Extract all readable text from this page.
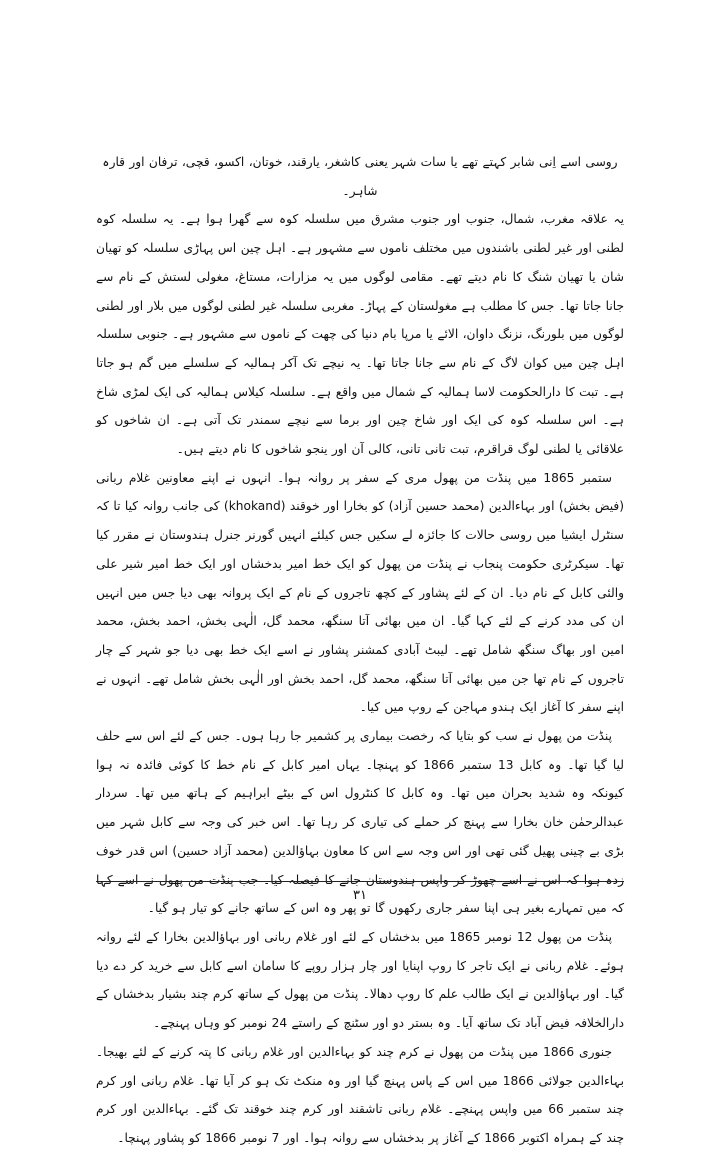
روسی اسے اِنی شابر کہتے تھے یا سات شہر یعنی کاشغر، یارقند، خوتان، اکسو، قچی، ترفان اور قارہ شاہر۔

یہ علاقہ مغرب، شمال، جنوب اور جنوب مشرق میں سلسلہ کوہ سے گھرا ہوا ہے۔ یہ سلسلہ کوہ لطنی اور غیر لطنی باشندوں میں مختلف ناموں سے مشہور ہے۔ اہل چین اس پہاڑی سلسلہ کو تھیان شان یا تھیان شنگ کا نام دیتے تھے۔ مقامی لوگوں میں یہ مزارات، مستاغ، مغولی لستش کے نام سے جانا جاتا تھا۔ جس کا مطلب ہے مغولستان کے پہاڑ۔ مغربی سلسلہ غیر لطنی لوگوں میں بلار اور لطنی لوگوں میں بلورنگ، نزنگ داوان، الائے یا مرپا بام دنیا کی چھت کے ناموں سے مشہور ہے۔ جنوبی سلسلہ اہل چین میں کوان لاگ کے نام سے جانا جاتا تھا۔ یہ نیچے تک آکر ہمالیہ کے سلسلے میں گم ہو جاتا ہے۔ تبت کا دارالحکومت لاسا ہمالیہ کے شمال میں واقع ہے۔ سلسلہ کیلاس ہمالیہ کی ایک لمڑی شاخ ہے۔ اس سلسلہ کوہ کی ایک اور شاخ چین اور برما سے نیچے سمندر تک آتی ہے۔ ان شاخوں کو علاقائی یا لطنی لوگ قراقرم، تبت تانی تانی، کالی آن اور ینجو شاخوں کا نام دیتے ہیں۔

ستمبر 1865 میں پنڈت من پھول مری کے سفر پر روانہ ہوا۔ انہوں نے اپنے معاونین غلام ربانی (فیض بخش) اور بہاءالدین (محمد حسین آزاد) کو بخارا اور خوقند (khokand) کی جانب روانہ کیا تا کہ سنٹرل ایشیا میں روسی حالات کا جائزہ لے سکیں جس کیلئے انہیں گورنر جنرل ہندوستان نے مقرر کیا تھا۔ سیکرٹری حکومت پنجاب نے پنڈت من پھول کو ایک خط امیر بدخشاں اور ایک خط امیر شیر علی والئی کابل کے نام دیا۔ ان کے لئے پشاور کے کچھ تاجروں کے نام کے ایک پروانہ بھی دیا جس میں انہیں ان کی مدد کرنے کے لئے کہا گیا۔ ان میں بھائی آتا سنگھ، محمد گل، الٰہی بخش، احمد بخش، محمد امین اور بھاگ سنگھ شامل تھے۔ لیبٹ آبادی کمشنر پشاور نے اسے ایک خط بھی دیا جو شہر کے چار تاجروں کے نام تھا جن میں بھائی آتا سنگھ، محمد گل، احمد بخش اور الٰہی بخش شامل تھے۔ انہوں نے اپنے سفر کا آغاز ایک ہندو مہاجن کے روپ میں کیا۔

پنڈت من پھول نے سب کو بتایا کہ رخصت بیماری پر کشمیر جا رہا ہوں۔ جس کے لئے اس سے حلف لیا گیا تھا۔ وہ کابل 13 ستمبر 1866 کو پہنچا۔ یہاں امیر کابل کے نام خط کا کوئی فائدہ نہ ہوا کیونکہ وہ شدید بحران میں تھا۔ وہ کابل کا کنٹرول اس کے بیٹے ابراہیم کے ہاتھ میں تھا۔ سردار عبدالرحمٰن خان بخارا سے پہنچ کر حملے کی تیاری کر رہا تھا۔ اس خبر کی وجہ سے کابل شہر میں بڑی بے چینی پھیل گئی تھی اور اس وجہ سے اس کا معاون بہاؤالدین (محمد آزاد حسین) اس قدر خوف زدہ ہوا کہ اس نے اسے چھوڑ کر واپس ہندوستان جانے کا فیصلہ کیا۔ جب پنڈت من پھول نے اسے کہا کہ میں تمہارے بغیر ہی اپنا سفر جاری رکھوں گا تو پھر وہ اس کے ساتھ جانے کو تیار ہو گیا۔

پنڈت من پھول 12 نومبر 1865 میں بدخشاں کے لئے اور غلام ربانی اور بہاؤالدین بخارا کے لئے روانہ ہوئے۔ غلام ربانی نے ایک تاجر کا روپ اپنایا اور چار ہزار روپے کا سامان اسے کابل سے خرید کر دے دیا گیا۔ اور بہاؤالدین نے ایک طالب علم کا روپ دھالا۔ پنڈت من پھول کے ساتھ کرم چند بشیار بدخشاں کے دارالخلافہ فیض آباد تک ساتھ آیا۔ وہ بستر دو اور سٹنچ کے راستے 24 نومبر کو وہاں پہنچے۔

جنوری 1866 میں پنڈت من پھول نے کرم چند کو بہاءالدین اور غلام ربانی کا پتہ کرنے کے لئے بھیجا۔ بہاءالدین جولائی 1866 میں اس کے پاس پہنچ گیا اور وہ منکٹ تک ہو کر آیا تھا۔ غلام ربانی اور کرم چند ستمبر 66 میں واپس پہنچے۔ غلام ربانی تاشقند اور کرم چند خوقند تک گئے۔ بہاءالدین اور کرم چند کے ہمراہ اکتوبر 1866 کے آغاز پر بدخشاں سے روانہ ہوا۔ اور 7 نومبر 1866 کو پشاور پہنچا۔

۳۱
